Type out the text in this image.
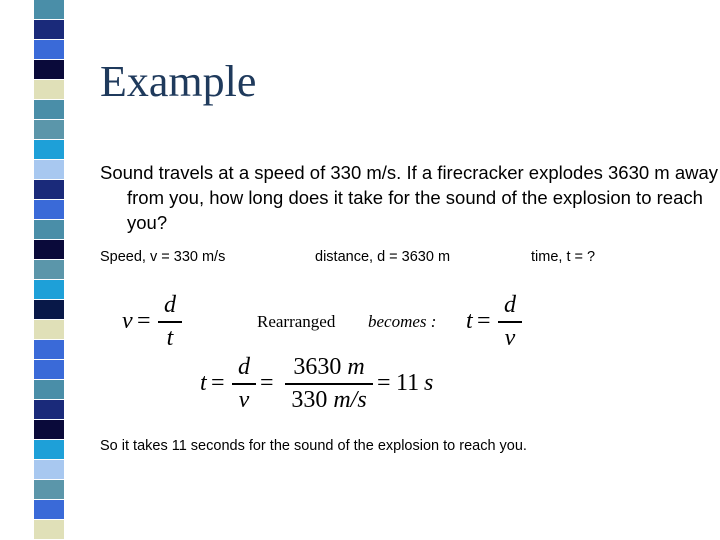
Example
Sound travels at a speed of 330 m/s. If a firecracker explodes 3630 m away from you, how long does it take for the sound of the explosion to reach you?
Speed, v = 330 m/s	distance, d = 3630 m	time, t = ?
v =
d
t
Rearranged becomes : t =
d
v
t =
d
v
=
3630 m
330 m/s
= 11 s
So it takes 11 seconds for the sound of the explosion to reach you.
